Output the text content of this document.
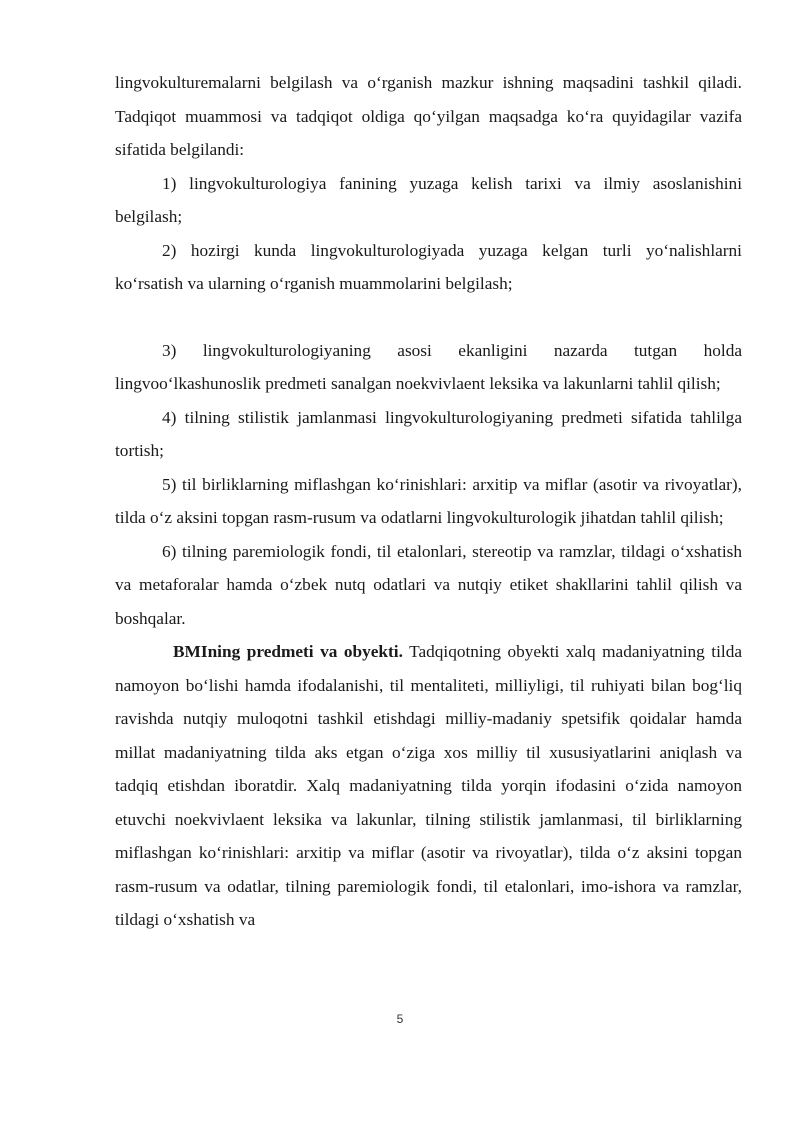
lingvokulturemalarni belgilash va o‘rganish mazkur ishning maqsadini tashkil qiladi. Tadqiqot muammosi va tadqiqot oldiga qo‘yilgan maqsadga ko‘ra quyidagilar vazifa sifatida belgilandi:

1) lingvokulturologiya fanining yuzaga kelish tarixi va ilmiy asoslanishini belgilash;

2) hozirgi kunda lingvokulturologiyada yuzaga kelgan turli yo‘nalishlarni ko‘rsatish va ularning o‘rganish muammolarini belgilash;

3) lingvokulturologiyaning asosi ekanligini nazarda tutgan holda lingvoo‘lkashunoslik predmeti sanalgan noekvivlaent leksika va lakunlarni tahlil qilish;

4) tilning stilistik jamlanmasi lingvokulturologiyaning predmeti sifatida tahlilga tortish;

5) til birliklarning miflashgan ko‘rinishlari: arxitip va miflar (asotir va rivoyatlar), tilda o‘z aksini topgan rasm-rusum va odatlarni lingvokulturologik jihatdan tahlil qilish;

6) tilning paremiologik fondi, til etalonlari, stereotip va ramzlar, tildagi o‘xshatish va metaforalar hamda o‘zbek nutq odatlari va nutqiy etiket shakllarini tahlil qilish va boshqalar.

BMIning predmeti va obyekti. Tadqiqotning obyekti xalq madaniyatning tilda namoyon bo‘lishi hamda ifodalanishi, til mentaliteti, milliyligi, til ruhiyati bilan bog‘liq ravishda nutqiy muloqotni tashkil etishdagi milliy-madaniy spetsifik qoidalar hamda millat madaniyatning tilda aks etgan o‘ziga xos milliy til xususiyatlarini aniqlash va tadqiq etishdan iboratdir. Xalq madaniyatning tilda yorqin ifodasini o‘zida namoyon etuvchi noekvivlaent leksika va lakunlar, tilning stilistik jamlanmasi, til birliklarning miflashgan ko‘rinishlari: arxitip va miflar (asotir va rivoyatlar), tilda o‘z aksini topgan rasm-rusum va odatlar, tilning paremiologik fondi, til etalonlari, imo-ishora va ramzlar, tildagi o‘xshatish va

5
